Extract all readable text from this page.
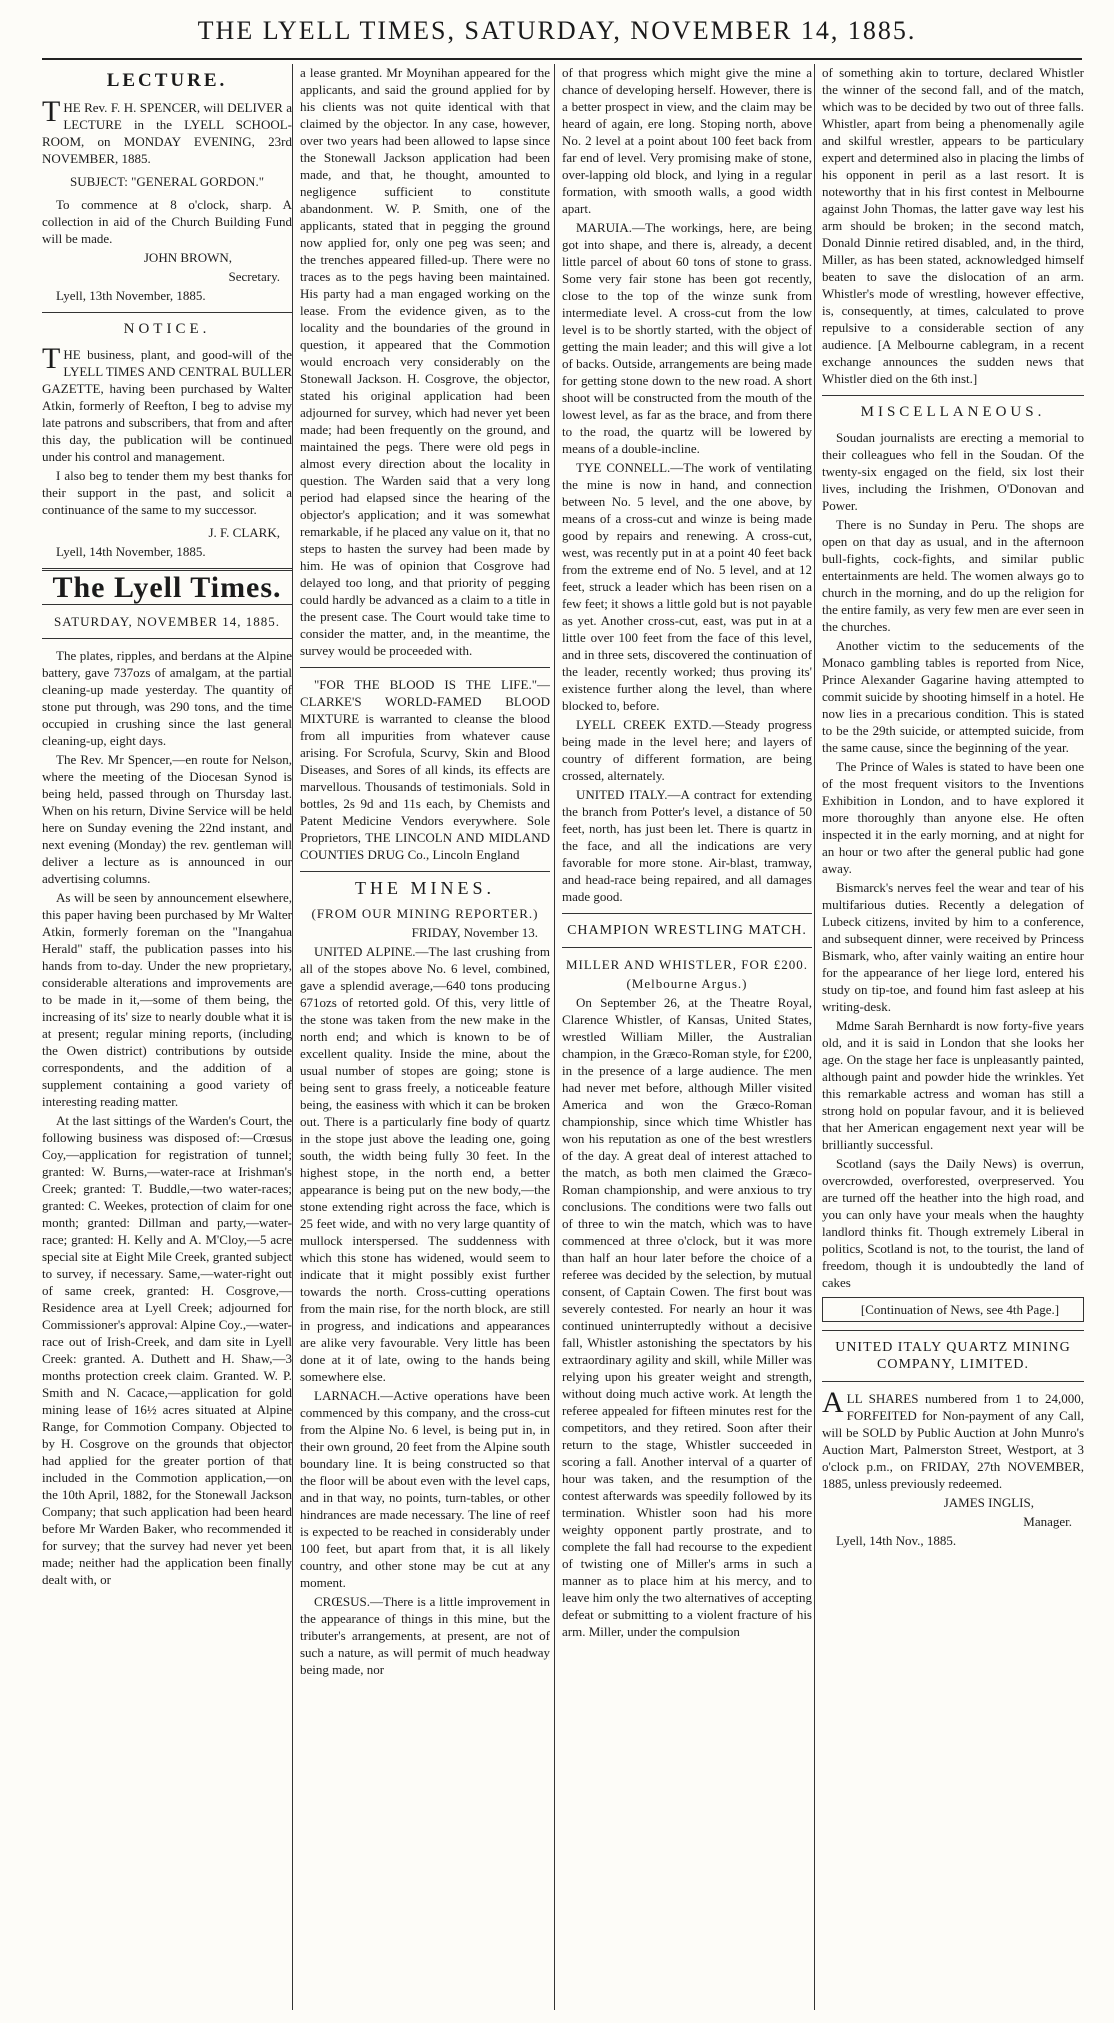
THE LYELL TIMES, SATURDAY, NOVEMBER 14, 1885.
LECTURE.

THE Rev. F. H. SPENCER, will DELIVER a LECTURE in the LYELL SCHOOL-ROOM, on MONDAY EVENING, 23rd NOVEMBER, 1885.

SUBJECT: "GENERAL GORDON."

To commence at 8 o'clock, sharp. A collection in aid of the Church Building Fund will be made.

JOHN BROWN,

Secretary.

Lyell, 13th November, 1885.

NOTICE.

THE business, plant, and good-will of the LYELL TIMES AND CENTRAL BULLER GAZETTE, having been purchased by Walter Atkin, formerly of Reefton, I beg to advise my late patrons and subscribers, that from and after this day, the publication will be continued under his control and management.

I also beg to tender them my best thanks for their support in the past, and solicit a continuance of the same to my successor.

J. F. CLARK,

Lyell, 14th November, 1885.

The Lyell Times.
SATURDAY, NOVEMBER 14, 1885.

The plates, ripples, and berdans at the Alpine battery, gave 737ozs of amalgam, at the partial cleaning-up made yesterday. The quantity of stone put through, was 290 tons, and the time occupied in crushing since the last general cleaning-up, eight days.

The Rev. Mr Spencer,—en route for Nelson, where the meeting of the Diocesan Synod is being held, passed through on Thursday last. When on his return, Divine Service will be held here on Sunday evening the 22nd instant, and next evening (Monday) the rev. gentleman will deliver a lecture as is announced in our advertising columns.

As will be seen by announcement elsewhere, this paper having been purchased by Mr Walter Atkin, formerly foreman on the "Inangahua Herald" staff, the publication passes into his hands from to-day. Under the new proprietary, considerable alterations and improvements are to be made in it,—some of them being, the increasing of its' size to nearly double what it is at present; regular mining reports, (including the Owen district) contributions by outside correspondents, and the addition of a supplement containing a good variety of interesting reading matter.

At the last sittings of the Warden's Court, the following business was disposed of:—Crœsus Coy,—application for registration of tunnel; granted: W. Burns,—water-race at Irishman's Creek; granted: T. Buddle,—two water-races; granted: C. Weekes, protection of claim for one month; granted: Dillman and party,—water-race; granted: H. Kelly and A. M'Cloy,—5 acre special site at Eight Mile Creek, granted subject to survey, if necessary. Same,—water-right out of same creek, granted: H. Cosgrove,—Residence area at Lyell Creek; adjourned for Commissioner's approval: Alpine Coy.,—water-race out of Irish-Creek, and dam site in Lyell Creek: granted. A. Duthett and H. Shaw,—3 months protection creek claim. Granted. W. P. Smith and N. Cacace,—application for gold mining lease of 16½ acres situated at Alpine Range, for Commotion Company. Objected to by H. Cosgrove on the grounds that objector had applied for the greater portion of that included in the Commotion application,—on the 10th April, 1882, for the Stonewall Jackson Company; that such application had been heard before Mr Warden Baker, who recommended it for survey; that the survey had never yet been made; neither had the application been finally dealt with, or

a lease granted. Mr Moynihan appeared for the applicants, and said the ground applied for by his clients was not quite identical with that claimed by the objector. In any case, however, over two years had been allowed to lapse since the Stonewall Jackson application had been made, and that, he thought, amounted to negligence sufficient to constitute abandonment. W. P. Smith, one of the applicants, stated that in pegging the ground now applied for, only one peg was seen; and the trenches appeared filled-up. There were no traces as to the pegs having been maintained. His party had a man engaged working on the lease. From the evidence given, as to the locality and the boundaries of the ground in question, it appeared that the Commotion would encroach very considerably on the Stonewall Jackson. H. Cosgrove, the objector, stated his original application had been adjourned for survey, which had never yet been made; had been frequently on the ground, and maintained the pegs. There were old pegs in almost every direction about the locality in question. The Warden said that a very long period had elapsed since the hearing of the objector's application; and it was somewhat remarkable, if he placed any value on it, that no steps to hasten the survey had been made by him. He was of opinion that Cosgrove had delayed too long, and that priority of pegging could hardly be advanced as a claim to a title in the present case. The Court would take time to consider the matter, and, in the meantime, the survey would be proceeded with.

"FOR THE BLOOD IS THE LIFE."—CLARKE'S WORLD-FAMED BLOOD MIXTURE is warranted to cleanse the blood from all impurities from whatever cause arising. For Scrofula, Scurvy, Skin and Blood Diseases, and Sores of all kinds, its effects are marvellous. Thousands of testimonials. Sold in bottles, 2s 9d and 11s each, by Chemists and Patent Medicine Vendors everywhere. Sole Proprietors, THE LINCOLN AND MIDLAND COUNTIES DRUG Co., Lincoln England

THE MINES.
(FROM OUR MINING REPORTER.)

FRIDAY, November 13.

UNITED ALPINE.—The last crushing from all of the stopes above No. 6 level, combined, gave a splendid average,—640 tons producing 671ozs of retorted gold. Of this, very little of the stone was taken from the new make in the north end; and which is known to be of excellent quality. Inside the mine, about the usual number of stopes are going; stone is being sent to grass freely, a noticeable feature being, the easiness with which it can be broken out. There is a particularly fine body of quartz in the stope just above the leading one, going south, the width being fully 30 feet. In the highest stope, in the north end, a better appearance is being put on the new body,—the stone extending right across the face, which is 25 feet wide, and with no very large quantity of mullock interspersed. The suddenness with which this stone has widened, would seem to indicate that it might possibly exist further towards the north. Cross-cutting operations from the main rise, for the north block, are still in progress, and indications and appearances are alike very favourable. Very little has been done at it of late, owing to the hands being somewhere else.

LARNACH.—Active operations have been commenced by this company, and the cross-cut from the Alpine No. 6 level, is being put in, in their own ground, 20 feet from the Alpine south boundary line. It is being constructed so that the floor will be about even with the level caps, and in that way, no points, turn-tables, or other hindrances are made necessary. The line of reef is expected to be reached in considerably under 100 feet, but apart from that, it is all likely country, and other stone may be cut at any moment.

CRŒSUS.—There is a little improvement in the appearance of things in this mine, but the tributer's arrangements, at present, are not of such a nature, as will permit of much headway being made, nor

of that progress which might give the mine a chance of developing herself. However, there is a better prospect in view, and the claim may be heard of again, ere long. Stoping north, above No. 2 level at a point about 100 feet back from far end of level. Very promising make of stone, over-lapping old block, and lying in a regular formation, with smooth walls, a good width apart.

MARUIA.—The workings, here, are being got into shape, and there is, already, a decent little parcel of about 60 tons of stone to grass. Some very fair stone has been got recently, close to the top of the winze sunk from intermediate level. A cross-cut from the low level is to be shortly started, with the object of getting the main leader; and this will give a lot of backs. Outside, arrangements are being made for getting stone down to the new road. A short shoot will be constructed from the mouth of the lowest level, as far as the brace, and from there to the road, the quartz will be lowered by means of a double-incline.

TYE CONNELL.—The work of ventilating the mine is now in hand, and connection between No. 5 level, and the one above, by means of a cross-cut and winze is being made good by repairs and renewing. A cross-cut, west, was recently put in at a point 40 feet back from the extreme end of No. 5 level, and at 12 feet, struck a leader which has been risen on a few feet; it shows a little gold but is not payable as yet. Another cross-cut, east, was put in at a little over 100 feet from the face of this level, and in three sets, discovered the continuation of the leader, recently worked; thus proving its' existence further along the level, than where blocked to, before.

LYELL CREEK EXTD.—Steady progress being made in the level here; and layers of country of different formation, are being crossed, alternately.

UNITED ITALY.—A contract for extending the branch from Potter's level, a distance of 50 feet, north, has just been let. There is quartz in the face, and all the indications are very favorable for more stone. Air-blast, tramway, and head-race being repaired, and all damages made good.

CHAMPION WRESTLING MATCH.
MILLER AND WHISTLER, FOR £200.
(Melbourne Argus.)

On September 26, at the Theatre Royal, Clarence Whistler, of Kansas, United States, wrestled William Miller, the Australian champion, in the Græco-Roman style, for £200, in the presence of a large audience. The men had never met before, although Miller visited America and won the Græco-Roman championship, since which time Whistler has won his reputation as one of the best wrestlers of the day. A great deal of interest attached to the match, as both men claimed the Græco-Roman championship, and were anxious to try conclusions. The conditions were two falls out of three to win the match, which was to have commenced at three o'clock, but it was more than half an hour later before the choice of a referee was decided by the selection, by mutual consent, of Captain Cowen. The first bout was severely contested. For nearly an hour it was continued uninterruptedly without a decisive fall, Whistler astonishing the spectators by his extraordinary agility and skill, while Miller was relying upon his greater weight and strength, without doing much active work. At length the referee appealed for fifteen minutes rest for the competitors, and they retired. Soon after their return to the stage, Whistler succeeded in scoring a fall. Another interval of a quarter of hour was taken, and the resumption of the contest afterwards was speedily followed by its termination. Whistler soon had his more weighty opponent partly prostrate, and to complete the fall had recourse to the expedient of twisting one of Miller's arms in such a manner as to place him at his mercy, and to leave him only the two alternatives of accepting defeat or submitting to a violent fracture of his arm. Miller, under the compulsion

of something akin to torture, declared Whistler the winner of the second fall, and of the match, which was to be decided by two out of three falls. Whistler, apart from being a phenomenally agile and skilful wrestler, appears to be particulary expert and determined also in placing the limbs of his opponent in peril as a last resort. It is noteworthy that in his first contest in Melbourne against John Thomas, the latter gave way lest his arm should be broken; in the second match, Donald Dinnie retired disabled, and, in the third, Miller, as has been stated, acknowledged himself beaten to save the dislocation of an arm. Whistler's mode of wrestling, however effective, is, consequently, at times, calculated to prove repulsive to a considerable section of any audience. [A Melbourne cablegram, in a recent exchange announces the sudden news that Whistler died on the 6th inst.]

MISCELLANEOUS.

Soudan journalists are erecting a memorial to their colleagues who fell in the Soudan. Of the twenty-six engaged on the field, six lost their lives, including the Irishmen, O'Donovan and Power.

There is no Sunday in Peru. The shops are open on that day as usual, and in the afternoon bull-fights, cock-fights, and similar public entertainments are held. The women always go to church in the morning, and do up the religion for the entire family, as very few men are ever seen in the churches.

Another victim to the seducements of the Monaco gambling tables is reported from Nice, Prince Alexander Gagarine having attempted to commit suicide by shooting himself in a hotel. He now lies in a precarious condition. This is stated to be the 29th suicide, or attempted suicide, from the same cause, since the beginning of the year.

The Prince of Wales is stated to have been one of the most frequent visitors to the Inventions Exhibition in London, and to have explored it more thoroughly than anyone else. He often inspected it in the early morning, and at night for an hour or two after the general public had gone away.

Bismarck's nerves feel the wear and tear of his multifarious duties. Recently a delegation of Lubeck citizens, invited by him to a conference, and subsequent dinner, were received by Princess Bismark, who, after vainly waiting an entire hour for the appearance of her liege lord, entered his study on tip-toe, and found him fast asleep at his writing-desk.

Mdme Sarah Bernhardt is now forty-five years old, and it is said in London that she looks her age. On the stage her face is unpleasantly painted, although paint and powder hide the wrinkles. Yet this remarkable actress and woman has still a strong hold on popular favour, and it is believed that her American engagement next year will be brilliantly successful.

Scotland (says the Daily News) is overrun, overcrowded, overforested, overpreserved. You are turned off the heather into the high road, and you can only have your meals when the haughty landlord thinks fit. Though extremely Liberal in politics, Scotland is not, to the tourist, the land of freedom, though it is undoubtedly the land of cakes

[Continuation of News, see 4th Page.]

UNITED ITALY QUARTZ MINING COMPANY, LIMITED.

ALL SHARES numbered from 1 to 24,000, FORFEITED for Non-payment of any Call, will be SOLD by Public Auction at John Munro's Auction Mart, Palmerston Street, Westport, at 3 o'clock p.m., on FRIDAY, 27th NOVEMBER, 1885, unless previously redeemed.

JAMES INGLIS,

Manager.

Lyell, 14th Nov., 1885.
